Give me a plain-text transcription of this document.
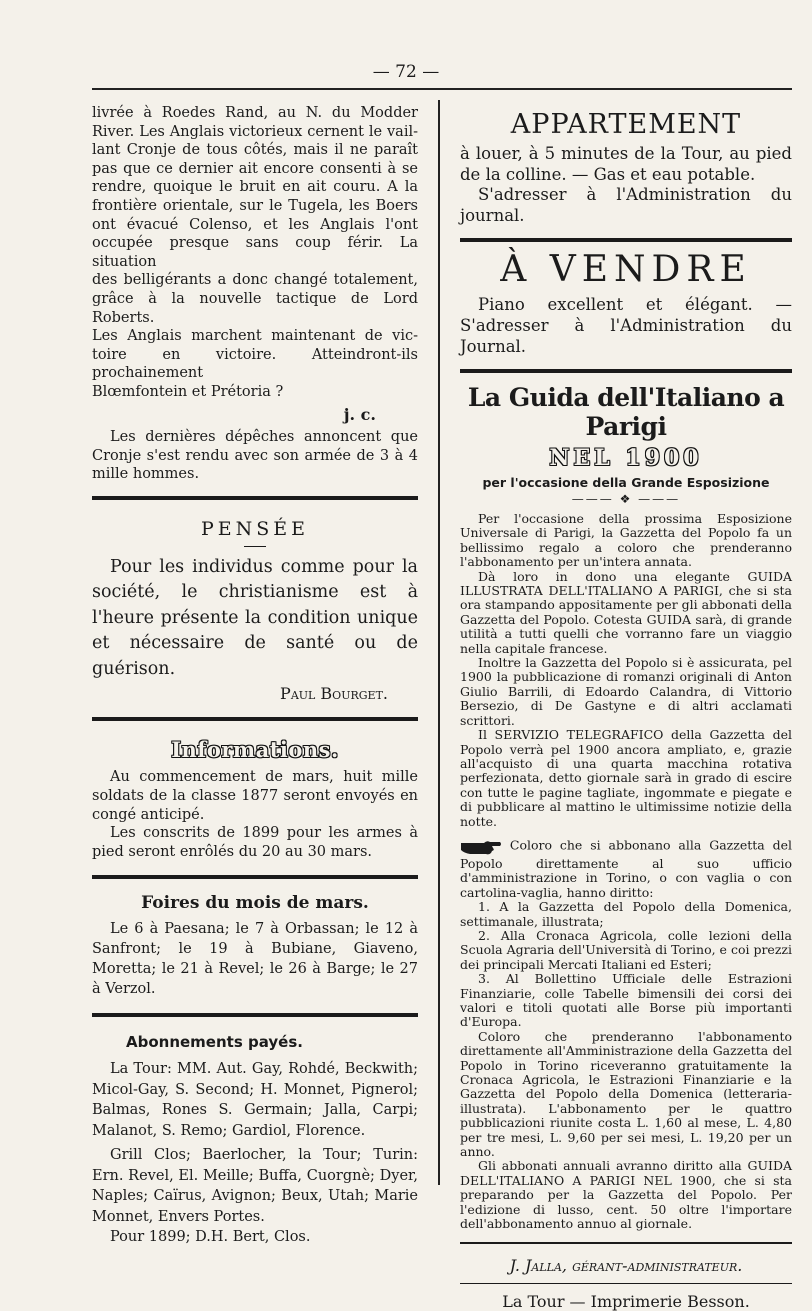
— 72 —
livrée à Roedes Rand, au N. du Modder
River. Les Anglais victorieux cernent le vail-
lant Cronje de tous côtés, mais il ne paraît
pas que ce dernier ait encore consenti à se
rendre, quoique le bruit en ait couru. A la
frontière orientale, sur le Tugela, les Boers
ont évacué Colenso, et les Anglais l'ont
occupée presque sans coup férir. La situation
des belligérants a donc changé totalement,
grâce à la nouvelle tactique de Lord Roberts.
Les Anglais marchent maintenant de vic-
toire en victoire. Atteindront-ils prochainement
Blœmfontein et Prétoria ?
j. c.

Les dernières dépêches annoncent que Cronje s'est rendu avec son armée de 3 à 4 mille hommes.

PENSÉE

Pour les individus comme pour la société, le christianisme est à l'heure présente la condition unique et nécessaire de santé ou de guérison.

Paul Bourget.
Informations.

Au commencement de mars, huit mille soldats de la classe 1877 seront envoyés en congé anticipé.

Les conscrits de 1899 pour les armes à pied seront enrôlés du 20 au 30 mars.

Foires du mois de mars.

Le 6 à Paesana; le 7 à Orbassan; le 12 à Sanfront; le 19 à Bubiane, Giaveno, Moretta; le 21 à Revel; le 26 à Barge; le 27 à Verzol.

Abonnements payés.

La Tour: MM. Aut. Gay, Rohdé, Beckwith; Micol-Gay, S. Second; H. Monnet, Pignerol; Balmas, Rones S. Germain; Jalla, Carpi; Malanot, S. Remo; Gardiol, Florence.

Grill Clos; Baerlocher, la Tour; Turin: Ern. Revel, El. Meille; Buffa, Cuorgnè; Dyer, Naples; Caïrus, Avignon; Beux, Utah; Marie Monnet, Envers Portes.

Pour 1899; D.H. Bert, Clos.

APPARTEMENT

à louer, à 5 minutes de la Tour, au pied de la colline. — Gas et eau potable.

S'adresser à l'Administration du journal.

À VENDRE

Piano excellent et élégant. — S'adresser à l'Administration du Journal.

La Guida dell'Italiano a Parigi
NEL 1900
per l'occasione della Grande Esposizione
——— ❖ ———

Per l'occasione della prossima Esposizione Universale di Parigi, la Gazzetta del Popolo fa un bellissimo regalo a coloro che prenderanno l'abbonamento per un'intera annata.

Dà loro in dono una elegante GUIDA ILLUSTRATA DELL'ITALIANO A PARIGI, che si sta ora stampando appositamente per gli abbonati della Gazzetta del Popolo. Cotesta GUIDA sarà, di grande utilità a tutti quelli che vorranno fare un viaggio nella capitale francese.

Inoltre la Gazzetta del Popolo si è assicurata, pel 1900 la pubblicazione di romanzi originali di Anton Giulio Barrili, di Edoardo Calandra, di Vittorio Bersezio, di De Gastyne e di altri acclamati scrittori.

Il SERVIZIO TELEGRAFICO della Gazzetta del Popolo verrà pel 1900 ancora ampliato, e, grazie all'acquisto di una quarta macchina rotativa perfezionata, detto giornale sarà in grado di escire con tutte le pagine tagliate, ingommate e piegate e di pubblicare al mattino le ultimissime notizie della notte.

Coloro che si abbonano alla Gazzetta del Popolo direttamente al suo ufficio d'amministrazione in Torino, o con vaglia o con cartolina-vaglia, hanno diritto:

1. A la Gazzetta del Popolo della Domenica, settimanale, illustrata;

2. Alla Cronaca Agricola, colle lezioni della Scuola Agraria dell'Università di Torino, e coi prezzi dei principali Mercati Italiani ed Esteri;

3. Al Bollettino Ufficiale delle Estrazioni Finanziarie, colle Tabelle bimensili dei corsi dei valori e titoli quotati alle Borse più importanti d'Europa.

Coloro che prenderanno l'abbonamento direttamente all'Amministrazione della Gazzetta del Popolo in Torino riceveranno gratuitamente la Cronaca Agricola, le Estrazioni Finanziarie e la Gazzetta del Popolo della Domenica (letteraria-illustrata). L'abbonamento per le quattro pubblicazioni riunite costa L. 1,60 al mese, L. 4,80 per tre mesi, L. 9,60 per sei mesi, L. 19,20 per un anno.

Gli abbonati annuali avranno diritto alla GUIDA DELL'ITALIANO A PARIGI NEL 1900, che si sta preparando per la Gazzetta del Popolo. Per l'edizione di lusso, cent. 50 oltre l'importare dell'abbonamento annuo al giornale.

J. Jalla, gérant-administrateur.
La Tour — Imprimerie Besson.
